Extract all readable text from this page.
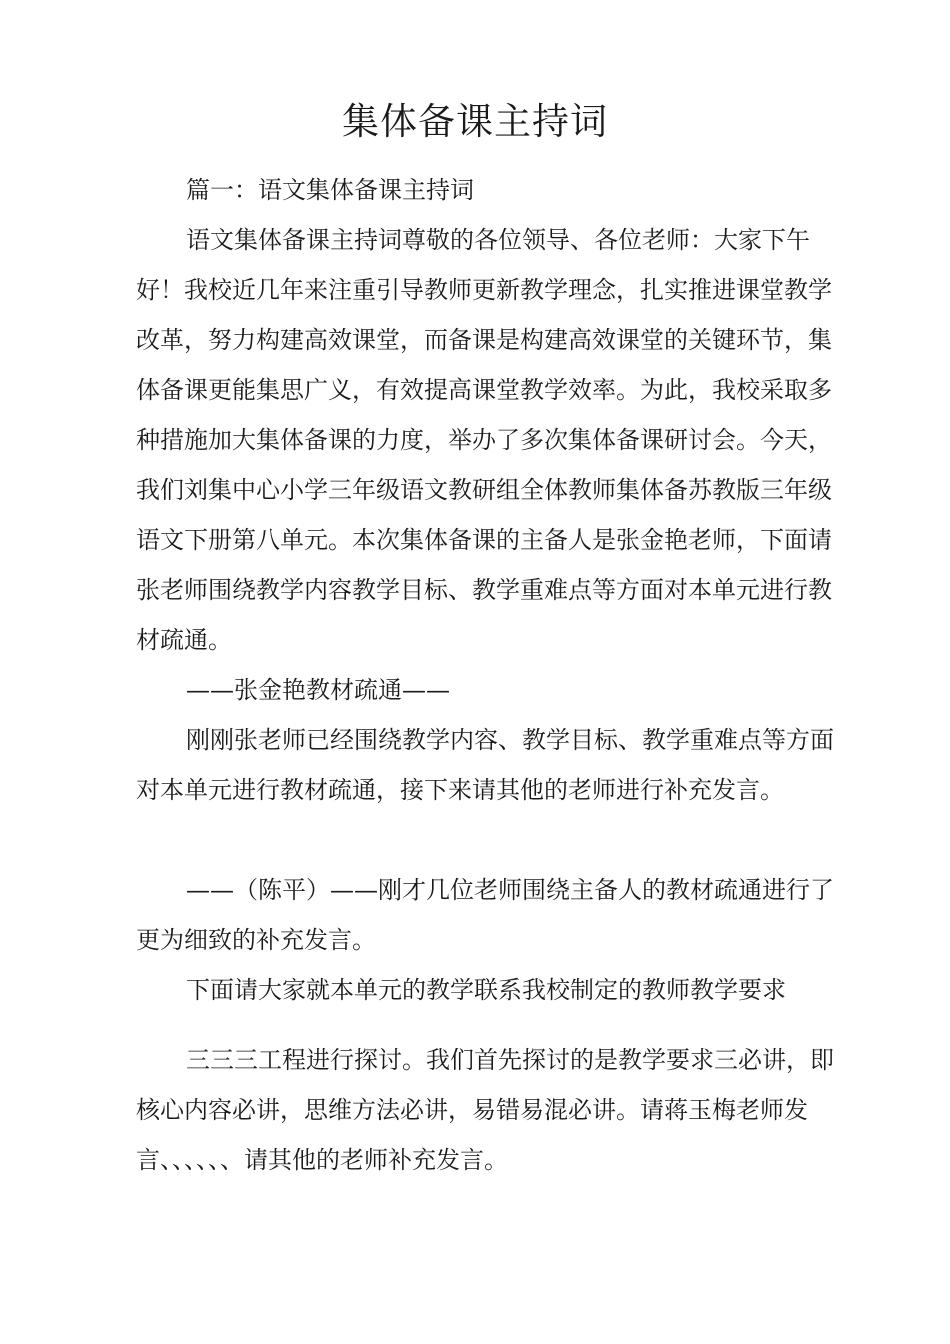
集体备课主持词

篇一：语文集体备课主持词

语文集体备课主持词尊敬的各位领导、各位老师：大家下午好！我校近几年来注重引导教师更新教学理念，扎实推进课堂教学改革，努力构建高效课堂，而备课是构建高效课堂的关键环节，集体备课更能集思广义，有效提高课堂教学效率。为此，我校采取多种措施加大集体备课的力度，举办了多次集体备课研讨会。今天，我们刘集中心小学三年级语文教研组全体教师集体备苏教版三年级语文下册第八单元。本次集体备课的主备人是张金艳老师，下面请张老师围绕教学内容教学目标、教学重难点等方面对本单元进行教材疏通。

——张金艳教材疏通——

刚刚张老师已经围绕教学内容、教学目标、教学重难点等方面对本单元进行教材疏通，接下来请其他的老师进行补充发言。

——（陈平）——刚才几位老师围绕主备人的教材疏通进行了更为细致的补充发言。

下面请大家就本单元的教学联系我校制定的教师教学要求

三三三工程进行探讨。我们首先探讨的是教学要求三必讲，即核心内容必讲，思维方法必讲，易错易混必讲。请蒋玉梅老师发言、、、、、、请其他的老师补充发言。
